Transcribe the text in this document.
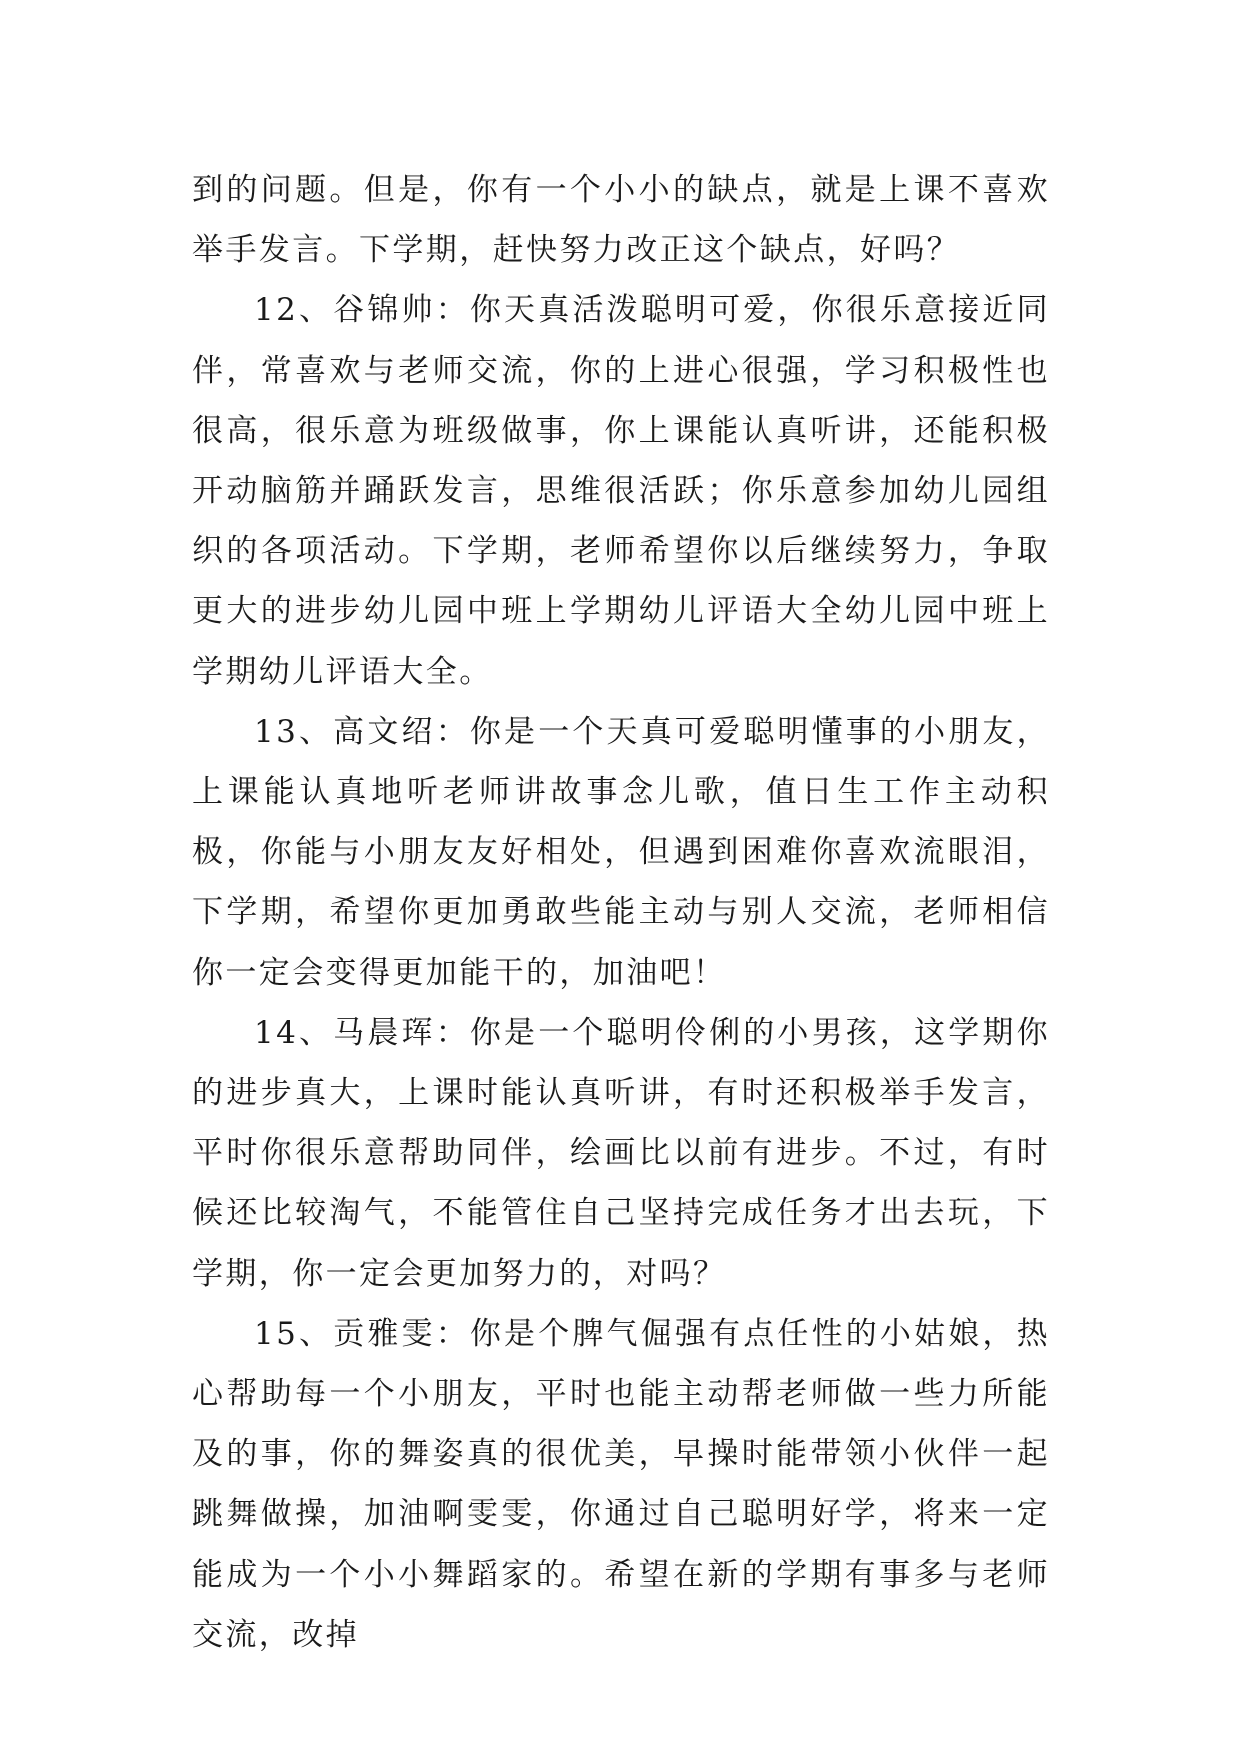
到的问题。但是，你有一个小小的缺点，就是上课不喜欢举手发言。下学期，赶快努力改正这个缺点，好吗？

12、谷锦帅：你天真活泼聪明可爱，你很乐意接近同伴，常喜欢与老师交流，你的上进心很强，学习积极性也很高，很乐意为班级做事，你上课能认真听讲，还能积极开动脑筋并踊跃发言，思维很活跃；你乐意参加幼儿园组织的各项活动。下学期，老师希望你以后继续努力，争取更大的进步幼儿园中班上学期幼儿评语大全幼儿园中班上学期幼儿评语大全。

13、高文绍：你是一个天真可爱聪明懂事的小朋友，上课能认真地听老师讲故事念儿歌，值日生工作主动积极，你能与小朋友友好相处，但遇到困难你喜欢流眼泪，下学期，希望你更加勇敢些能主动与别人交流，老师相信你一定会变得更加能干的，加油吧！

14、马晨珲：你是一个聪明伶俐的小男孩，这学期你的进步真大，上课时能认真听讲，有时还积极举手发言，平时你很乐意帮助同伴，绘画比以前有进步。不过，有时候还比较淘气，不能管住自己坚持完成任务才出去玩，下学期，你一定会更加努力的，对吗？

15、贡雅雯：你是个脾气倔强有点任性的小姑娘，热心帮助每一个小朋友，平时也能主动帮老师做一些力所能及的事，你的舞姿真的很优美，早操时能带领小伙伴一起跳舞做操，加油啊雯雯，你通过自己聪明好学，将来一定能成为一个小小舞蹈家的。希望在新的学期有事多与老师交流，改掉
